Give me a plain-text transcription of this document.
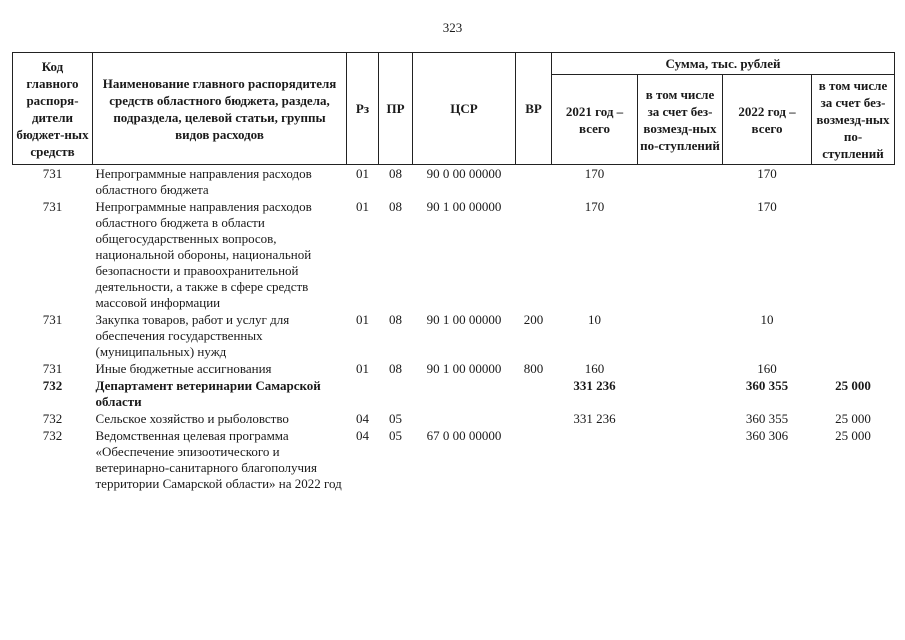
323
Код главного распоря-дители бюджет-ных средств	Наименование главного распорядителя средств областного бюджета, раздела, подраздела, целевой статьи, группы видов расходов	Рз	ПР	ЦСР	ВР	Сумма, тыс. рублей			
						2021 год – всего	в том числе за счет без-возмезд-ных по-ступлений	2022 год – всего	в том числе за счет без-возмезд-ных по-ступлений
731	Непрограммные направления расходов областного бюджета	01	08	90 0 00 00000		170		170	
731	Непрограммные направления расходов областного бюджета в области общегосударственных вопросов, национальной обороны, национальной безопасности и правоохранительной деятельности, а также в сфере средств массовой информации	01	08	90 1 00 00000		170		170	
731	Закупка товаров, работ и услуг для обеспечения государственных (муниципальных) нужд	01	08	90 1 00 00000	200	10		10	
731	Иные бюджетные ассигнования	01	08	90 1 00 00000	800	160		160	
732	Департамент ветеринарии Самарской области					331 236		360 355	25 000
732	Сельское хозяйство и рыболовство	04	05			331 236		360 355	25 000
732	Ведомственная целевая программа «Обеспечение эпизоотического и ветеринарно-санитарного благополучия территории Самарской области» на 2022 год	04	05	67 0 00 00000				360 306	25 000
